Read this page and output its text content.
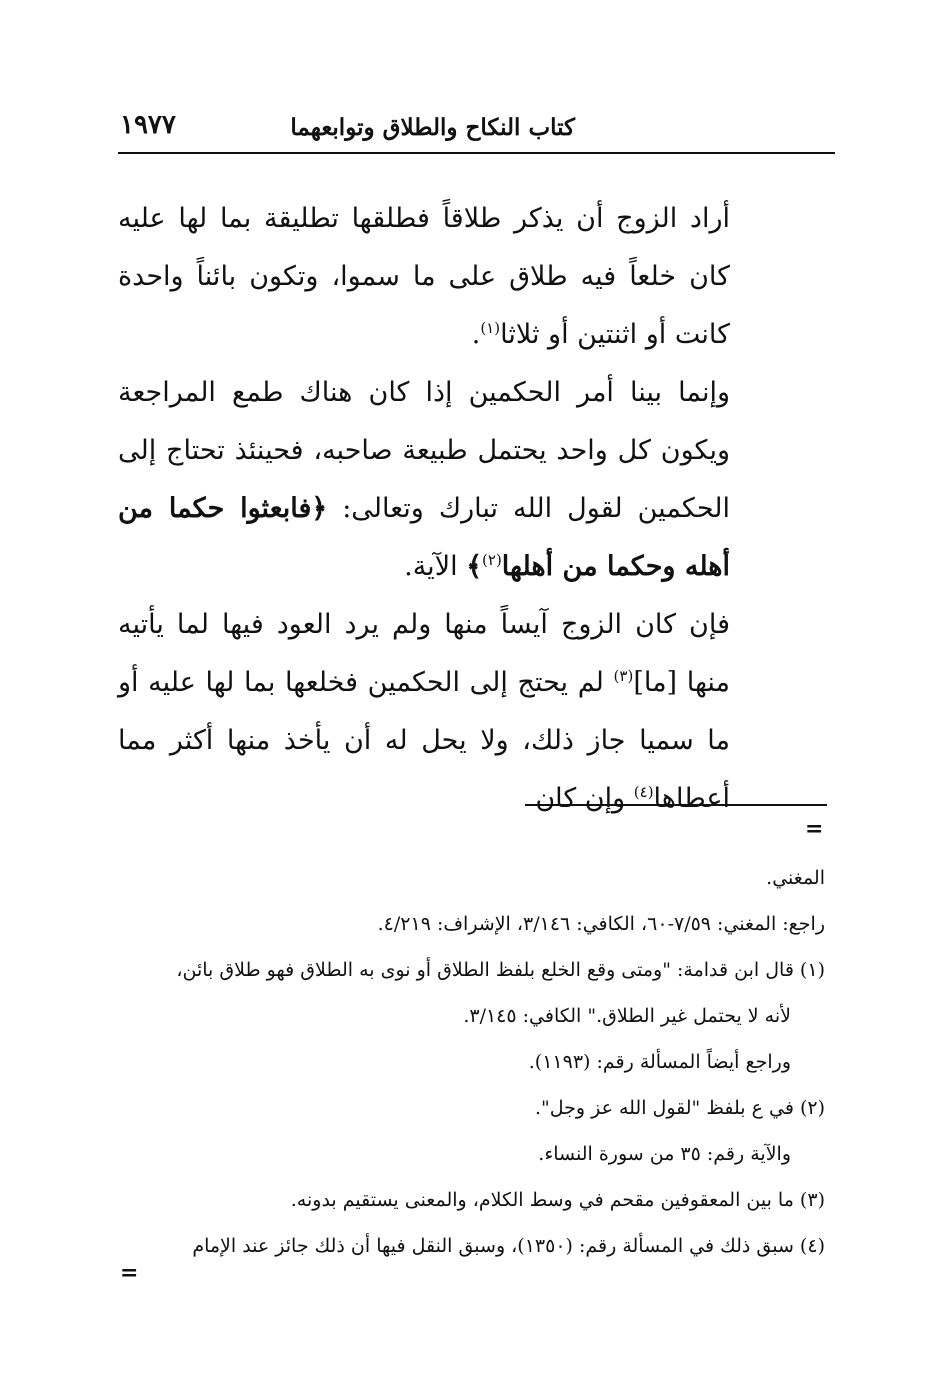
كتاب النكاح والطلاق وتوابعهما
١٩٧٧

أراد الزوج أن يذكر طلاقاً فطلقها تطليقة بما لها عليه كان خلعاً فيه طلاق على ما سموا، وتكون بائناً واحدة كانت أو اثنتين أو ثلاثا$^{(١)}$.

وإنما بينا أمر الحكمين إذا كان هناك طمع المراجعة ويكون كل واحد يحتمل طبيعة صاحبه، فحينئذ تحتاج إلى الحكمين لقول الله تبارك وتعالى: ﴿فابعثوا حكما من أهله وحكما من أهلها$^{(٢)}$﴾ الآية.

فإن كان الزوج آيساً منها ولم يرد العود فيها لما يأتيه منها [ما]$^{(٣)}$ لم يحتج إلى الحكمين فخلعها بما لها عليه أو ما سميا جاز ذلك، ولا يحل له أن يأخذ منها أكثر مما أعطاها$^{(٤)}$ وإن كان

=

المغني.

راجع: المغني: ٧/٥٩-٦٠، الكافي: ٣/١٤٦، الإشراف: ٤/٢١٩.

(١) قال ابن قدامة: "ومتى وقع الخلع بلفظ الطلاق أو نوى به الطلاق فهو طلاق بائن،

لأنه لا يحتمل غير الطلاق." الكافي: ٣/١٤٥.

وراجع أيضاً المسألة رقم: (١١٩٣).

(٢) في ع بلفظ "لقول الله عز وجل".

والآية رقم: ٣٥ من سورة النساء.

(٣) ما بين المعقوفين مقحم في وسط الكلام، والمعنى يستقيم بدونه.

(٤) سبق ذلك في المسألة رقم: (١٣٥٠)، وسبق النقل فيها أن ذلك جائز عند الإمام

=
